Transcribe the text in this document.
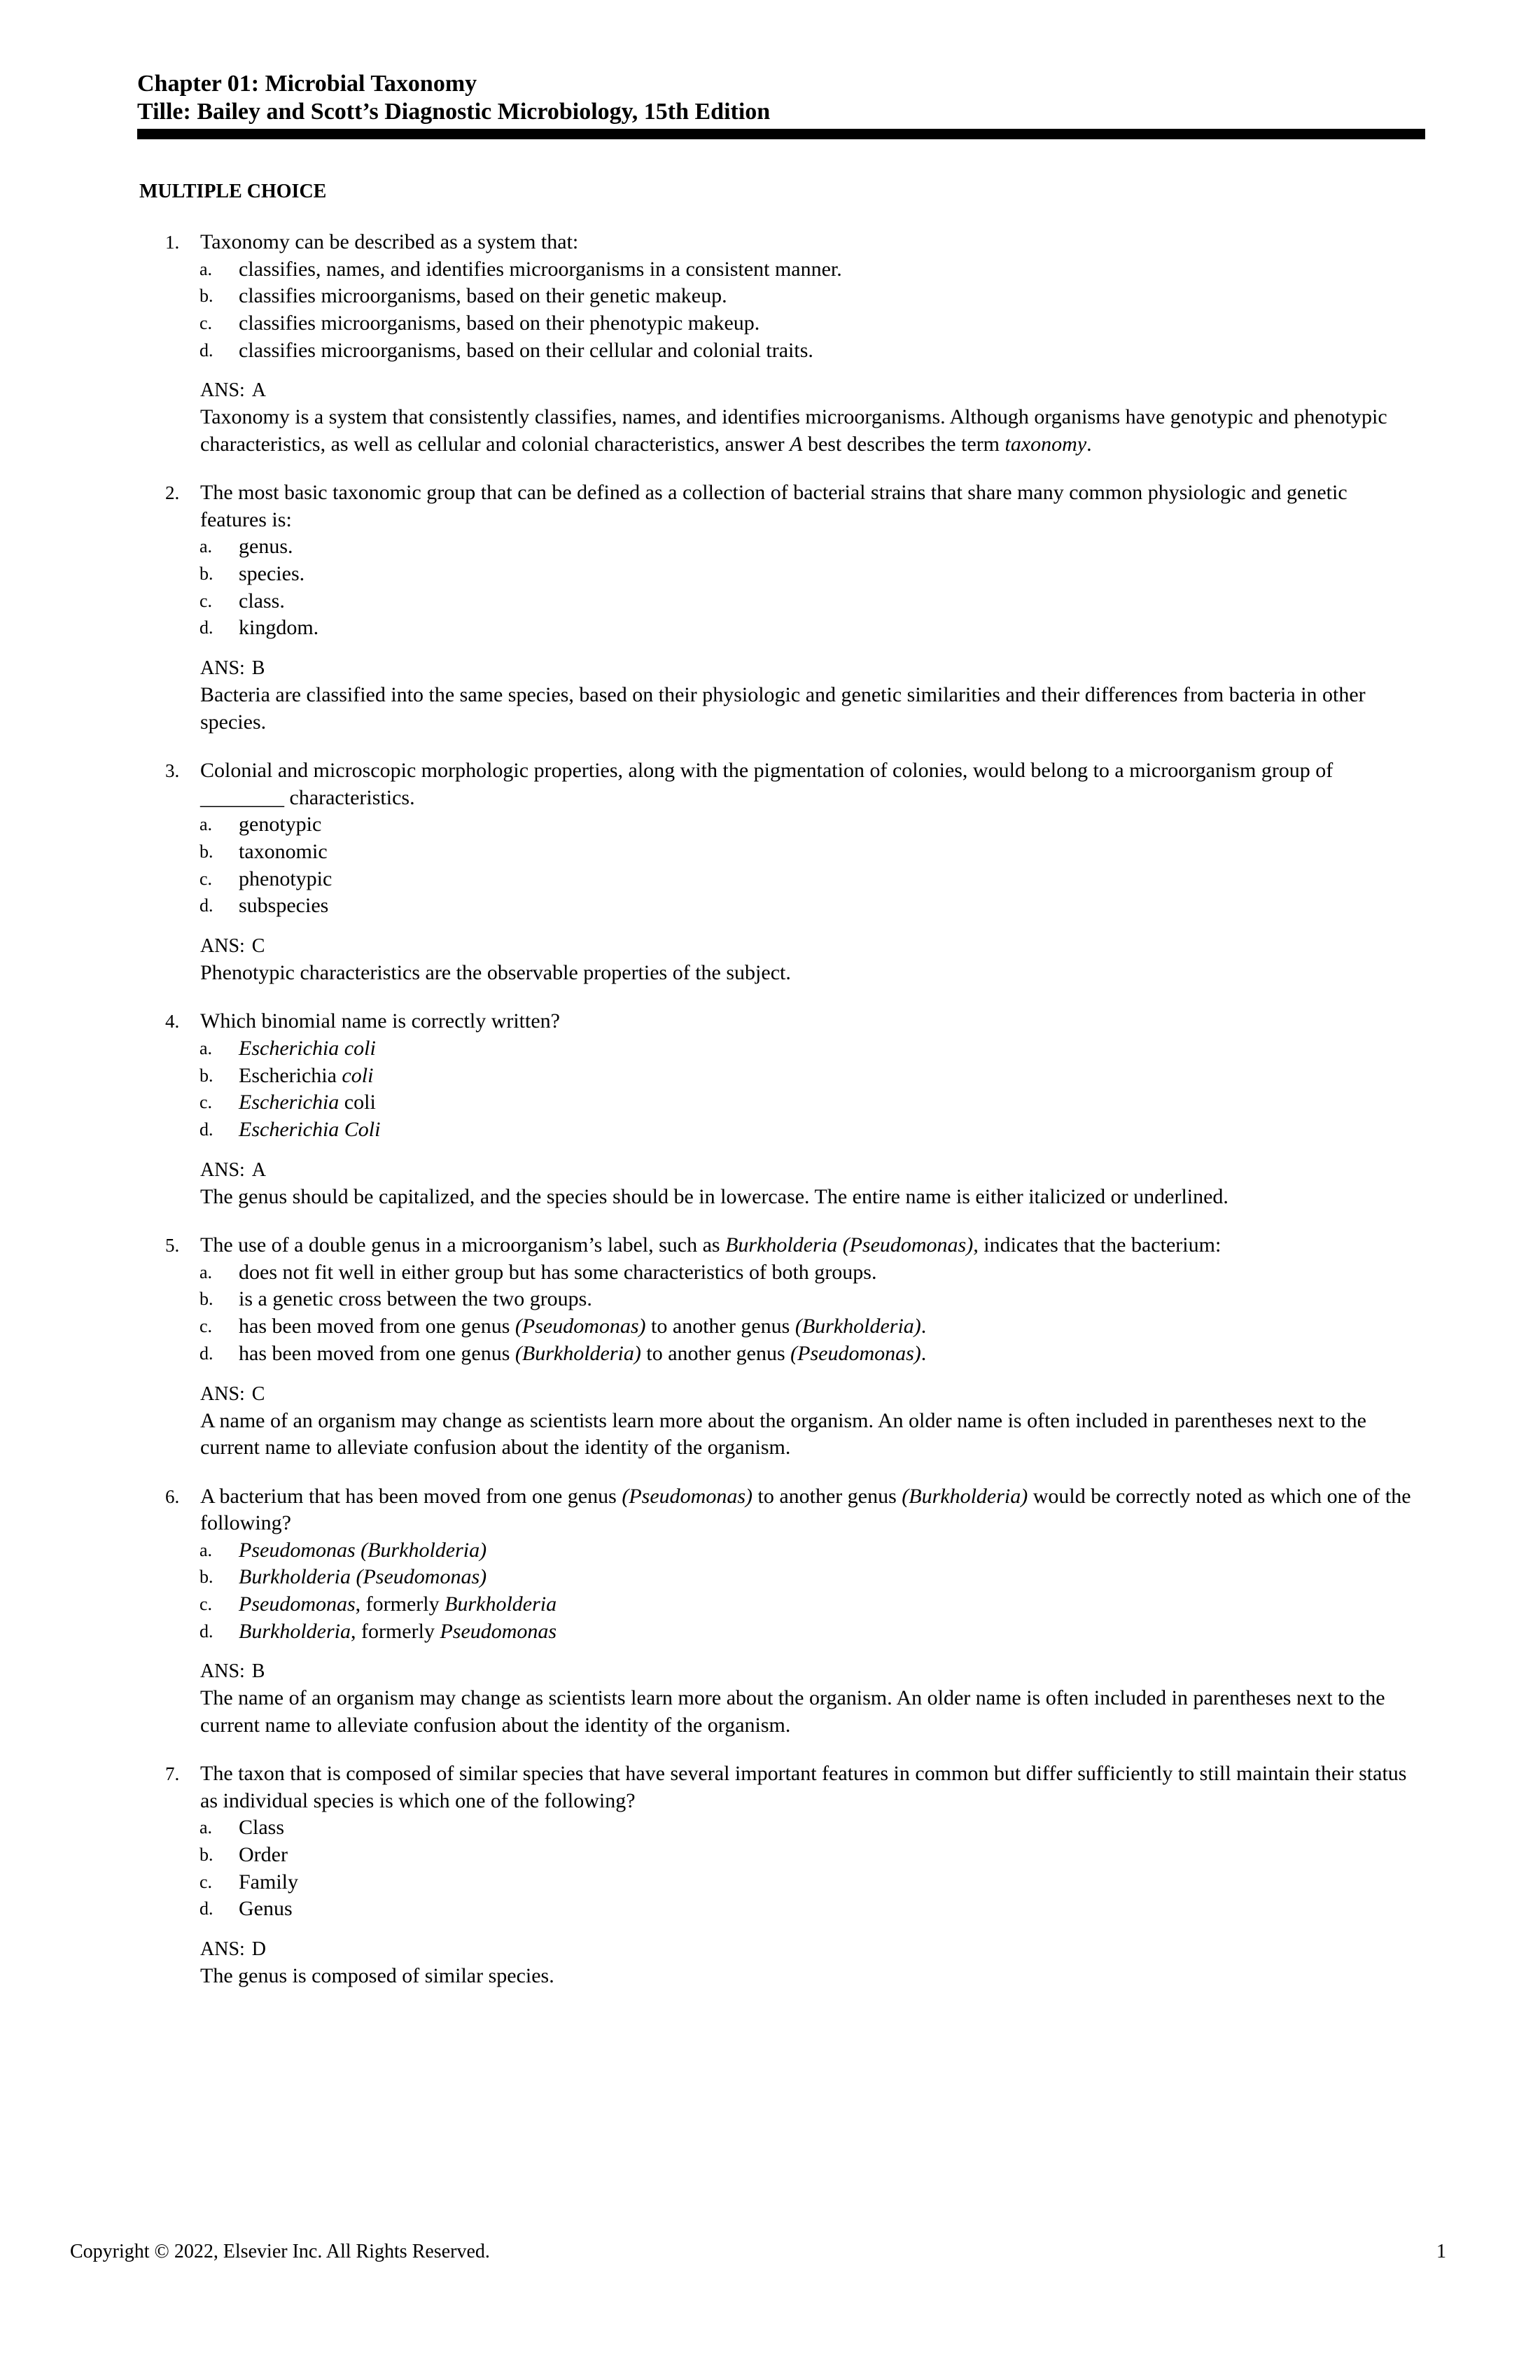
Chapter 01: Microbial Taxonomy
Tille: Bailey and Scott’s Diagnostic Microbiology, 15th Edition
MULTIPLE CHOICE
1. Taxonomy can be described as a system that:
a. classifies, names, and identifies microorganisms in a consistent manner.
b. classifies microorganisms, based on their genetic makeup.
c. classifies microorganisms, based on their phenotypic makeup.
d. classifies microorganisms, based on their cellular and colonial traits.
ANS: A
Taxonomy is a system that consistently classifies, names, and identifies microorganisms. Although organisms have genotypic and phenotypic characteristics, as well as cellular and colonial characteristics, answer A best describes the term taxonomy.
2. The most basic taxonomic group that can be defined as a collection of bacterial strains that share many common physiologic and genetic features is:
a. genus.
b. species.
c. class.
d. kingdom.
ANS: B
Bacteria are classified into the same species, based on their physiologic and genetic similarities and their differences from bacteria in other species.
3. Colonial and microscopic morphologic properties, along with the pigmentation of colonies, would belong to a microorganism group of ________ characteristics.
a. genotypic
b. taxonomic
c. phenotypic
d. subspecies
ANS: C
Phenotypic characteristics are the observable properties of the subject.
4. Which binomial name is correctly written?
a. Escherichia coli
b. Escherichia coli
c. Escherichia coli
d. Escherichia Coli
ANS: A
The genus should be capitalized, and the species should be in lowercase. The entire name is either italicized or underlined.
5. The use of a double genus in a microorganism’s label, such as Burkholderia (Pseudomonas), indicates that the bacterium:
a. does not fit well in either group but has some characteristics of both groups.
b. is a genetic cross between the two groups.
c. has been moved from one genus (Pseudomonas) to another genus (Burkholderia).
d. has been moved from one genus (Burkholderia) to another genus (Pseudomonas).
ANS: C
A name of an organism may change as scientists learn more about the organism. An older name is often included in parentheses next to the current name to alleviate confusion about the identity of the organism.
6. A bacterium that has been moved from one genus (Pseudomonas) to another genus (Burkholderia) would be correctly noted as which one of the following?
a. Pseudomonas (Burkholderia)
b. Burkholderia (Pseudomonas)
c. Pseudomonas, formerly Burkholderia
d. Burkholderia, formerly Pseudomonas
ANS: B
The name of an organism may change as scientists learn more about the organism. An older name is often included in parentheses next to the current name to alleviate confusion about the identity of the organism.
7. The taxon that is composed of similar species that have several important features in common but differ sufficiently to still maintain their status as individual species is which one of the following?
a. Class
b. Order
c. Family
d. Genus
ANS: D
The genus is composed of similar species.
Copyright © 2022, Elsevier Inc. All Rights Reserved.	1
